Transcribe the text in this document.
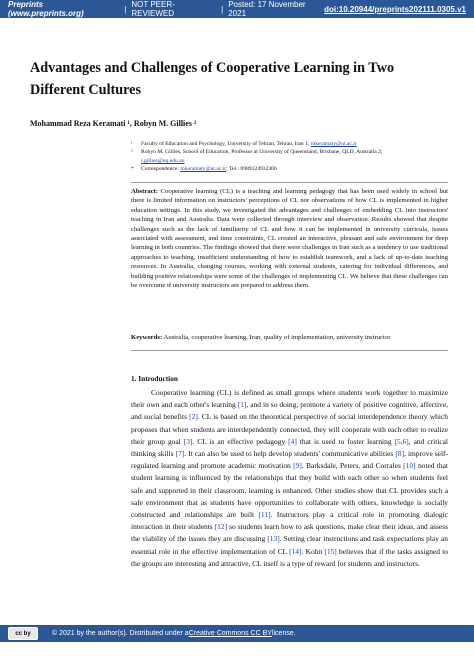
Preprints (www.preprints.org)	| NOT PEER-REVIEWED	| Posted: 17 November 2021	doi:10.20944/preprints202111.0305.v1
Advantages and Challenges of Cooperative Learning in Two Different Cultures
Mohammad Reza Keramati ¹, Robyn M. Gillies ²
¹	Faculty of Education and Psychology, University of Tehran, Tehran, Iran 1; mkeramaty@ut.ac.ir
²	Robyn M. Gillies, School of Education, Professor at University of Queensland, Brisbane, QLD, Australia 2;
r.gillies@uq.edu.au
*	Correspondence: mkeramaty@ut.ac.ir; Tel.: 0989124932306

Abstract: Cooperative learning (CL) is a teaching and learning pedagogy that has been used widely in school but there is limited information on instructors' perceptions of CL nor observations of how CL is implemented in higher education settings. In this study, we investigated the advantages and challenges of embedding CL into instructors' teaching in Iran and Australia. Data were collected through interview and observation. Results showed that despite challenges such as the lack of familiarity of CL and how it can be implemented in university curricula, issues associated with assessment, and time constraints, CL created an interactive, pleasant and safe environment for deep learning in both countries. The findings showed that there were challenges in Iran such as a tendency to use traditional approaches to teaching, insufficient understanding of how to establish teamwork, and a lack of up-to-date teaching resources. In Australia, changing courses, working with external students, catering for individual differences, and building positive relationships were some of the challenges of implementing CL. We believe that these challenges can be overcome if university instructors are prepared to address them.

Keywords: Australia, cooperative learning, Iran, quality of implementation, university instructor

1. Introduction

Cooperative learning (CL) is defined as small groups where students work together to maximize their own and each other's learning [1], and in so doing, promote a variety of positive cognitive, affective, and social benefits [2]. CL is based on the theoretical perspective of social interdependence theory which proposes that when students are interdependently connected, they will cooperate with each other to realize their group goal [3]. CL is an effective pedagogy [4] that is used to foster learning [5,6], and critical thinking skills [7]. It can also be used to help develop students' communicative abilities [8], improve self-regulated learning and promote academic motivation [9]. Barksdale, Peters, and Corrales [10] noted that student learning is influenced by the relationships that they build with each other so when students feel safe and supported in their classroom, learning is enhanced. Other studies show that CL provides such a safe environment that as students have opportunities to collaborate with others, knowledge is socially constructed and relationships are built [11]. Instructors play a critical role in promoting dialogic interaction in their students [12] so students learn how to ask questions, make clear their ideas, and assess the viability of the issues they are discussing [13]. Setting clear instructions and task expectations play an essential role in the effective implementation of CL [14]. Kohn [15] believes that if the tasks assigned to the groups are interesting and attractive, CL itself is a type of reward for students and instructors.

cc by	© 2021 by the author(s). Distributed under a Creative Commons CC BY license.
